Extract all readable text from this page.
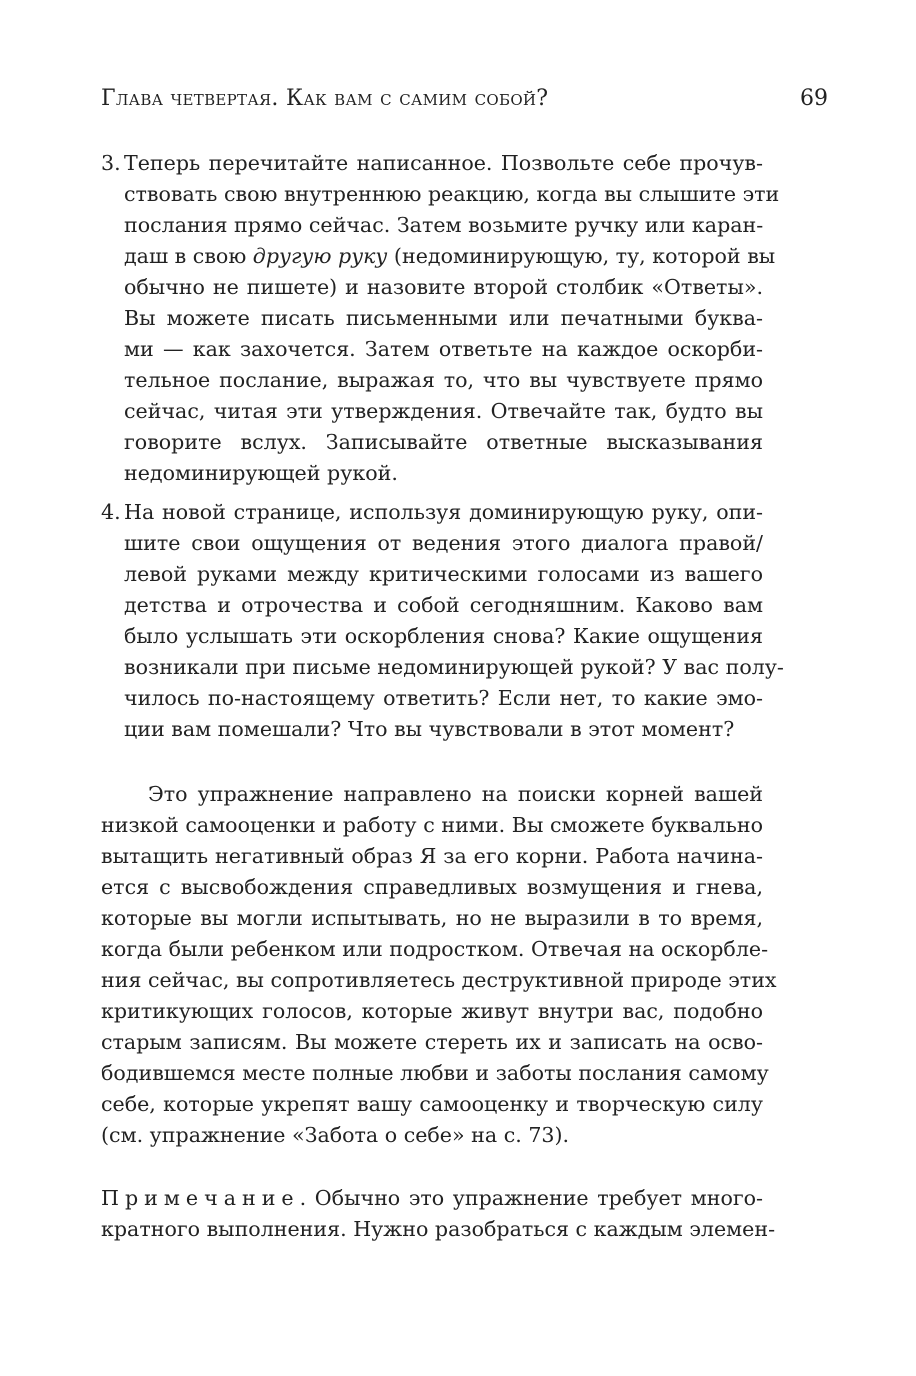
Глава четвертая. Как вам с самим собой?	69
3. Теперь перечитайте написанное. Позвольте себе прочув-
ствовать свою внутреннюю реакцию, когда вы слышите эти
послания прямо сейчас. Затем возьмите ручку или каран-
даш в свою другую руку (недоминирующую, ту, которой вы
обычно не пишете) и назовите второй столбик «Ответы».
Вы можете писать письменными или печатными буква-
ми — как захочется. Затем ответьте на каждое оскорби-
тельное послание, выражая то, что вы чувствуете прямо
сейчас, читая эти утверждения. Отвечайте так, будто вы
говорите вслух. Записывайте ответные высказывания
недоминирующей рукой.
4. На новой странице, используя доминирующую руку, опи-
шите свои ощущения от ведения этого диалога правой/
левой руками между критическими голосами из вашего
детства и отрочества и собой сегодняшним. Каково вам
было услышать эти оскорбления снова? Какие ощущения
возникали при письме недоминирующей рукой? У вас полу-
чилось по-настоящему ответить? Если нет, то какие эмо-
ции вам помешали? Что вы чувствовали в этот момент?
Это упражнение направлено на поиски корней вашей
низкой самооценки и работу с ними. Вы сможете буквально
вытащить негативный образ Я за его корни. Работа начина-
ется с высвобождения справедливых возмущения и гнева,
которые вы могли испытывать, но не выразили в то время,
когда были ребенком или подростком. Отвечая на оскорбле-
ния сейчас, вы сопротивляетесь деструктивной природе этих
критикующих голосов, которые живут внутри вас, подобно
старым записям. Вы можете стереть их и записать на осво-
бодившемся месте полные любви и заботы послания самому
себе, которые укрепят вашу самооценку и творческую силу
(см. упражнение «Забота о себе» на с. 73).
Примечание. Обычно это упражнение требует много-
кратного выполнения. Нужно разобраться с каждым элемен-
